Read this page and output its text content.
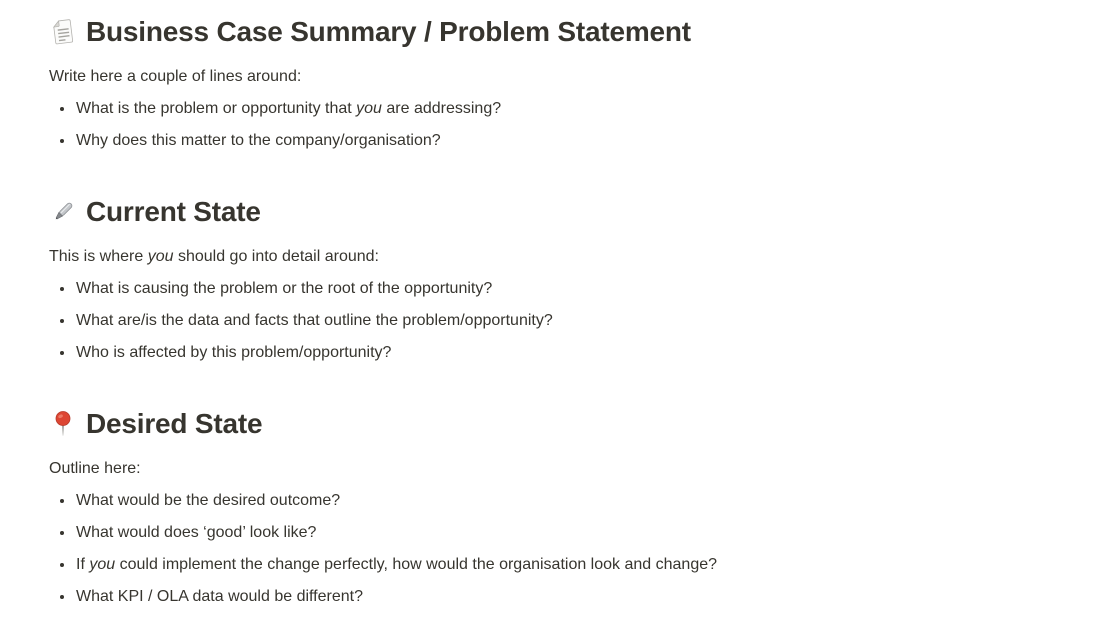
Business Case Summary / Problem Statement

Write here a couple of lines around:

• What is the problem or opportunity that you are addressing?
• Why does this matter to the company/organisation?
Current State

This is where you should go into detail around:

• What is causing the problem or the root of the opportunity?
• What are/is the data and facts that outline the problem/opportunity?
• Who is affected by this problem/opportunity?
Desired State

Outline here:

• What would be the desired outcome?
• What would does ‘good’ look like?
• If you could implement the change perfectly, how would the organisation look and change?
• What KPI / OLA data would be different?
